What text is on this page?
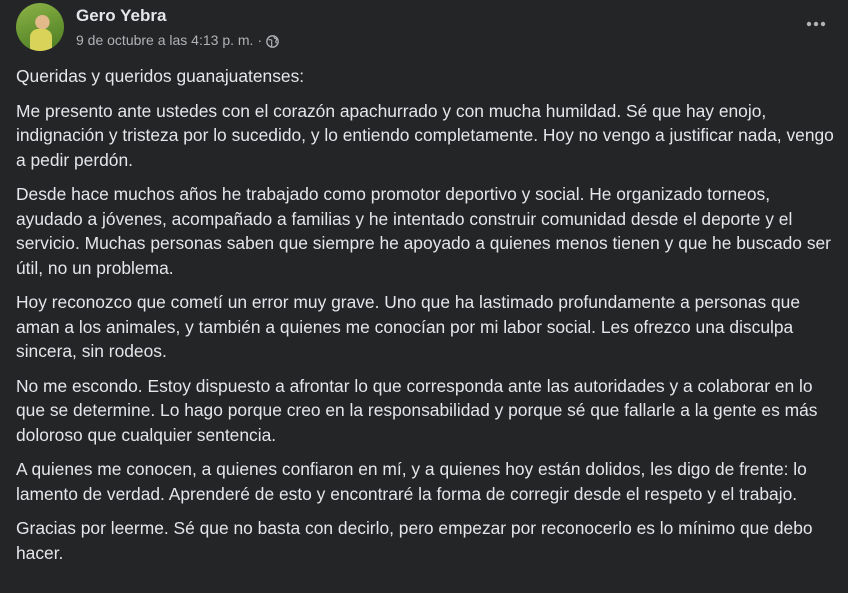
Gero Yebra
9 de octubre a las 4:13 p. m. ·

Queridas y queridos guanajuatenses:

Me presento ante ustedes con el corazón apachurrado y con mucha humildad. Sé que hay enojo, indignación y tristeza por lo sucedido, y lo entiendo completamente. Hoy no vengo a justificar nada, vengo a pedir perdón.

Desde hace muchos años he trabajado como promotor deportivo y social. He organizado torneos, ayudado a jóvenes, acompañado a familias y he intentado construir comunidad desde el deporte y el servicio. Muchas personas saben que siempre he apoyado a quienes menos tienen y que he buscado ser útil, no un problema.

Hoy reconozco que cometí un error muy grave. Uno que ha lastimado profundamente a personas que aman a los animales, y también a quienes me conocían por mi labor social. Les ofrezco una disculpa sincera, sin rodeos.

No me escondo. Estoy dispuesto a afrontar lo que corresponda ante las autoridades y a colaborar en lo que se determine. Lo hago porque creo en la responsabilidad y porque sé que fallarle a la gente es más doloroso que cualquier sentencia.

A quienes me conocen, a quienes confiaron en mí, y a quienes hoy están dolidos, les digo de frente: lo lamento de verdad. Aprenderé de esto y encontraré la forma de corregir desde el respeto y el trabajo.

Gracias por leerme. Sé que no basta con decirlo, pero empezar por reconocerlo es lo mínimo que debo hacer.
